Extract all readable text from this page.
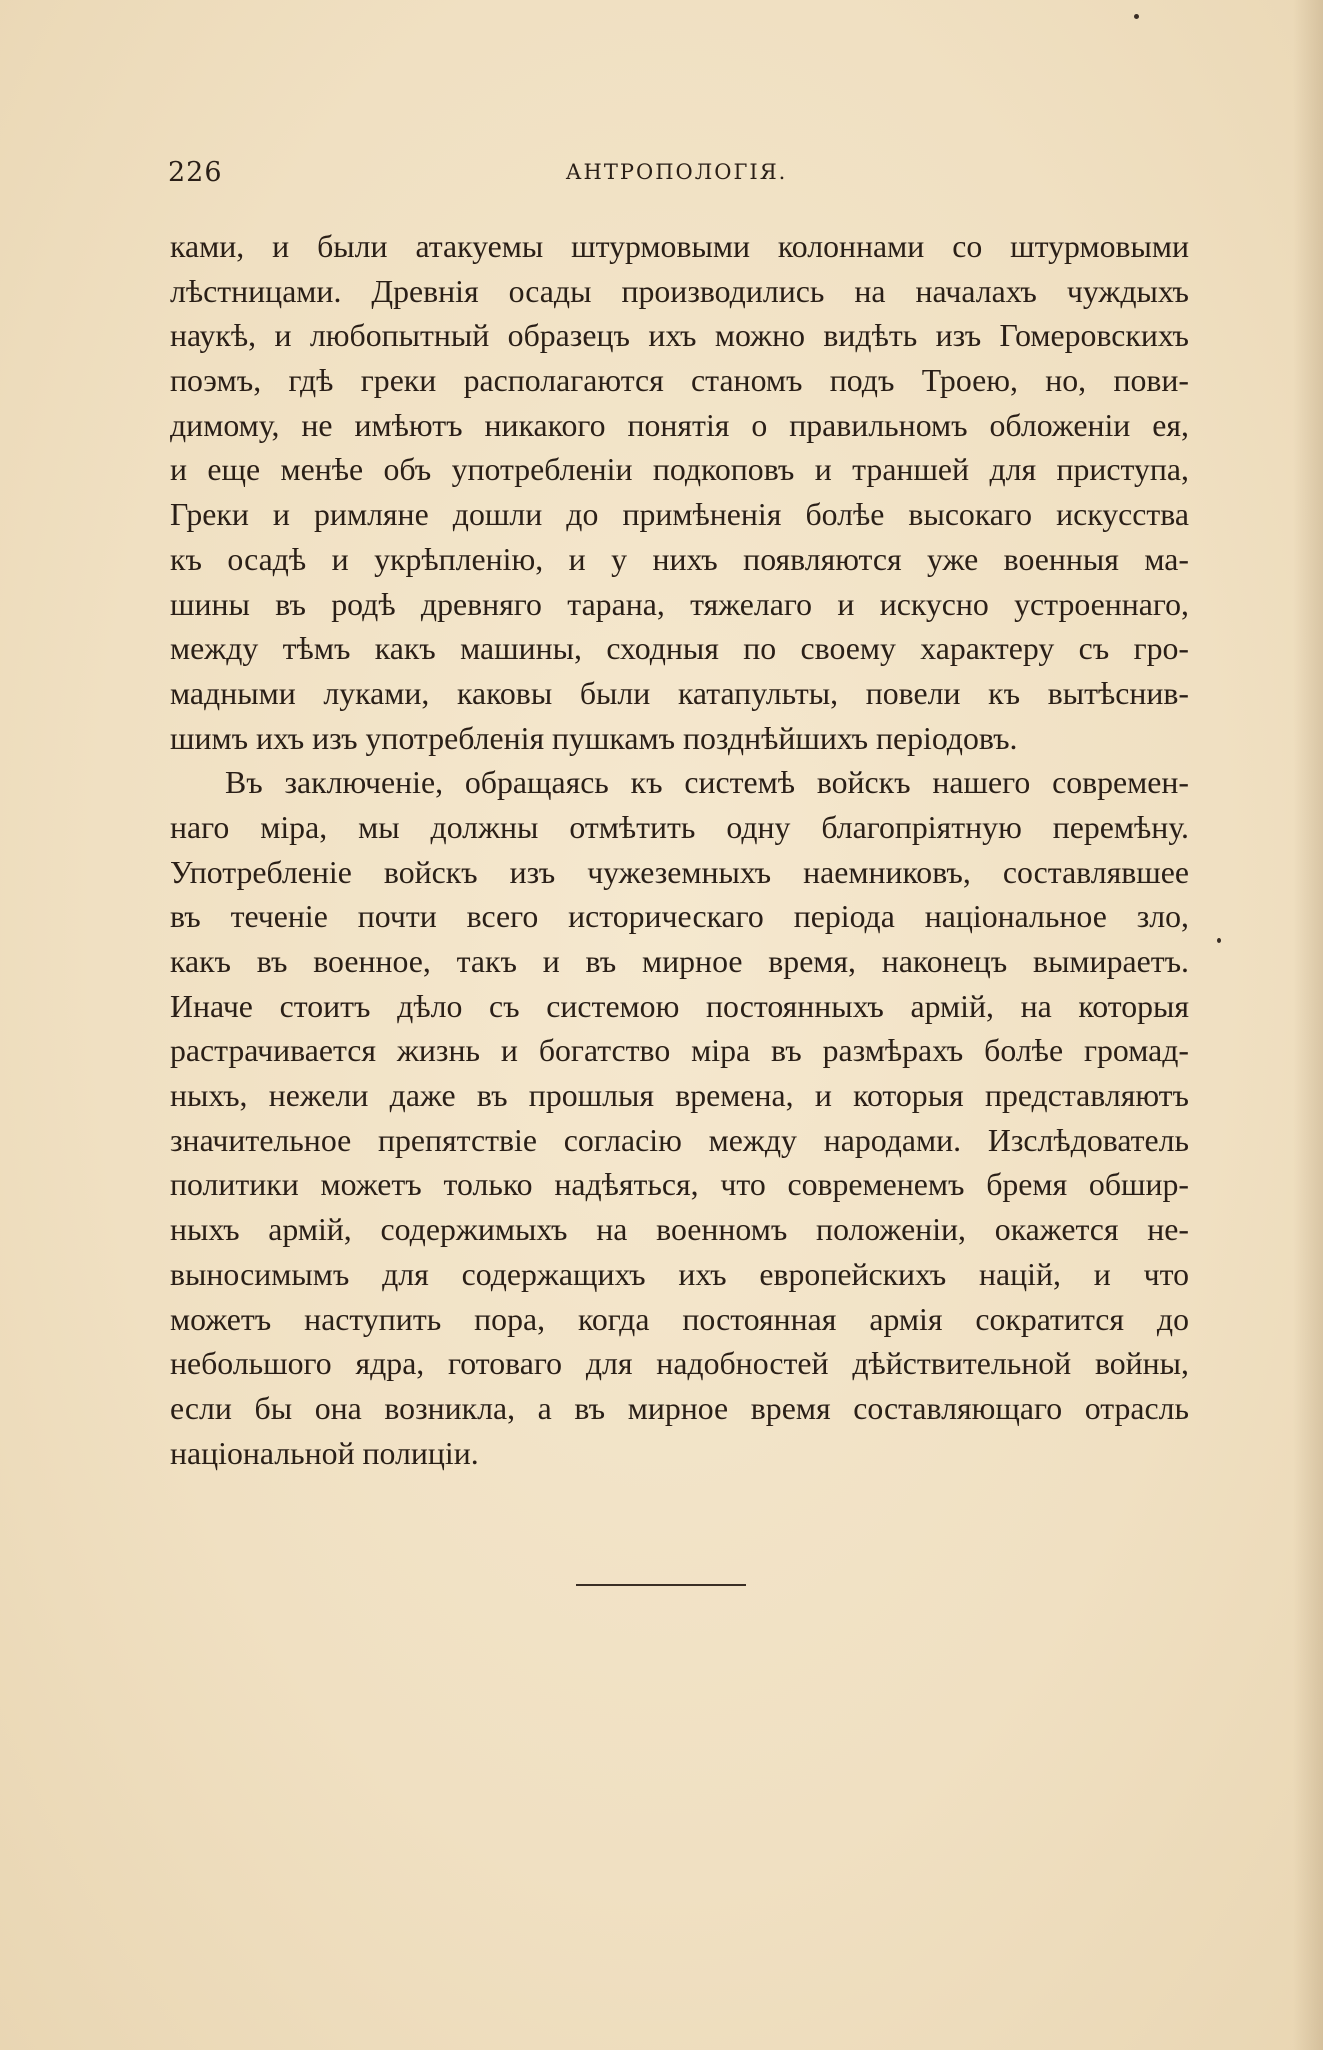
226	АНТРОПОЛОГІЯ.
ками, и были атакуемы штурмовыми колоннами со штурмовыми
лѣстницами. Древнія осады производились на началахъ чуждыхъ
наукѣ, и любопытный образецъ ихъ можно видѣть изъ Гомеровскихъ
поэмъ, гдѣ греки располагаются станомъ подъ Троею, но, пови-
димому, не имѣютъ никакого понятія о правильномъ обложеніи ея,
и еще менѣе объ употребленіи подкоповъ и траншей для приступа,
Греки и римляне дошли до примѣненія болѣе высокаго искусства
къ осадѣ и укрѣпленію, и у нихъ появляются уже военныя ма-
шины въ родѣ древняго тарана, тяжелаго и искусно устроеннаго,
между тѣмъ какъ машины, сходныя по своему характеру съ гро-
мадными луками, каковы были катапульты, повели къ вытѣснив-
шимъ ихъ изъ употребленія пушкамъ позднѣйшихъ періодовъ.
Въ заключеніе, обращаясь къ системѣ войскъ нашего современ-
наго міра, мы должны отмѣтить одну благопріятную перемѣну.
Употребленіе войскъ изъ чужеземныхъ наемниковъ, составлявшее
въ теченіе почти всего историческаго періода національное зло,
какъ въ военное, такъ и въ мирное время, наконецъ вымираетъ.
Иначе стоитъ дѣло съ системою постоянныхъ армій, на которыя
растрачивается жизнь и богатство міра въ размѣрахъ болѣе громад-
ныхъ, нежели даже въ прошлыя времена, и которыя представляютъ
значительное препятствіе согласію между народами. Изслѣдователь
политики можетъ только надѣяться, что современемъ бремя обшир-
ныхъ армій, содержимыхъ на военномъ положеніи, окажется не-
выносимымъ для содержащихъ ихъ европейскихъ націй, и что
можетъ наступить пора, когда постоянная армія сократится до
небольшого ядра, готоваго для надобностей дѣйствительной войны,
если бы она возникла, а въ мирное время составляющаго отрасль
національной полиціи.
